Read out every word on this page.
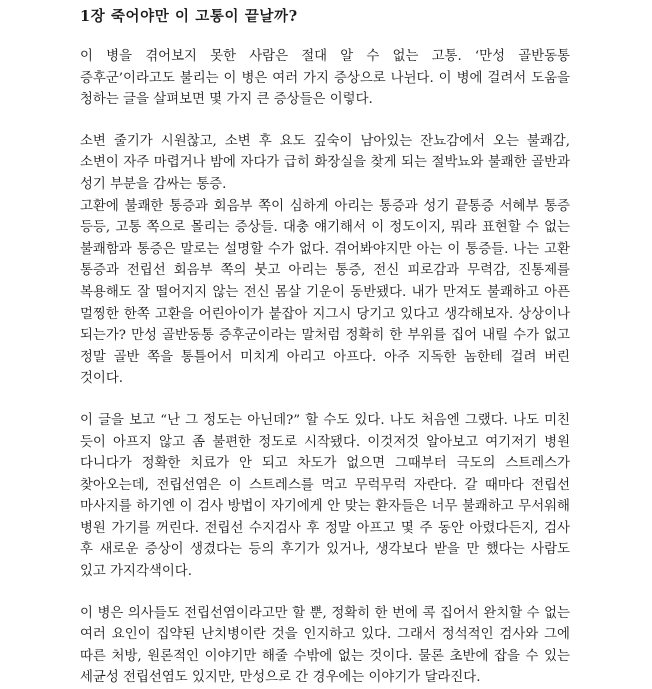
1장 죽어야만 이 고통이 끝날까?

이 병을 겪어보지 못한 사람은 절대 알 수 없는 고통. ‘만성 골반동통 증후군’이라고도 불리는 이 병은 여러 가지 증상으로 나뉜다. 이 병에 걸려서 도움을 청하는 글을 살펴보면 몇 가지 큰 증상들은 이렇다.

소변 줄기가 시원찮고, 소변 후 요도 깊숙이 남아있는 잔뇨감에서 오는 불쾌감, 소변이 자주 마렵거나 밤에 자다가 급히 화장실을 찾게 되는 절박뇨와 불쾌한 골반과 성기 부분을 감싸는 통증.

고환에 불쾌한 통증과 회음부 쪽이 심하게 아리는 통증과 성기 끝통증 서혜부 통증 등등, 고통 쪽으로 몰리는 증상들. 대충 얘기해서 이 정도이지, 뭐라 표현할 수 없는 불쾌함과 통증은 말로는 설명할 수가 없다. 겪어봐야지만 아는 이 통증들. 나는 고환 통증과 전립선 회음부 쪽의 붓고 아리는 통증, 전신 피로감과 무력감, 진통제를 복용해도 잘 떨어지지 않는 전신 몸살 기운이 동반됐다. 내가 만져도 불쾌하고 아픈 멀찡한 한쪽 고환을 어린아이가 붙잡아 지그시 당기고 있다고 생각해보자. 상상이나 되는가? 만성 골반동통 증후군이라는 말처럼 정확히 한 부위를 집어 내릴 수가 없고 정말 골반 쪽을 통틀어서 미치게 아리고 아프다. 아주 지독한 놈한테 걸려 버린 것이다.

이 글을 보고 “난 그 정도는 아닌데?” 할 수도 있다. 나도 처음엔 그랬다. 나도 미친 듯이 아프지 않고 좀 불편한 정도로 시작됐다. 이것저것 알아보고 여기저기 병원 다니다가 정확한 치료가 안 되고 차도가 없으면 그때부터 극도의 스트레스가 찾아오는데, 전립선염은 이 스트레스를 먹고 무럭무럭 자란다. 갈 때마다 전립선 마사지를 하기엔 이 검사 방법이 자기에게 안 맞는 환자들은 너무 불쾌하고 무서워해 병원 가기를 꺼린다. 전립선 수지검사 후 정말 아프고 몇 주 동안 아렸다든지, 검사 후 새로운 증상이 생겼다는 등의 후기가 있거나, 생각보다 받을 만 했다는 사람도 있고 가지각색이다.

이 병은 의사들도 전립선염이라고만 할 뿐, 정확히 한 번에 콕 집어서 완치할 수 없는 여러 요인이 집약된 난치병이란 것을 인지하고 있다. 그래서 정석적인 검사와 그에 따른 처방, 원론적인 이야기만 해줄 수밖에 없는 것이다. 물론 초반에 잡을 수 있는 세균성 전립선염도 있지만, 만성으로 간 경우에는 이야기가 달라진다.
